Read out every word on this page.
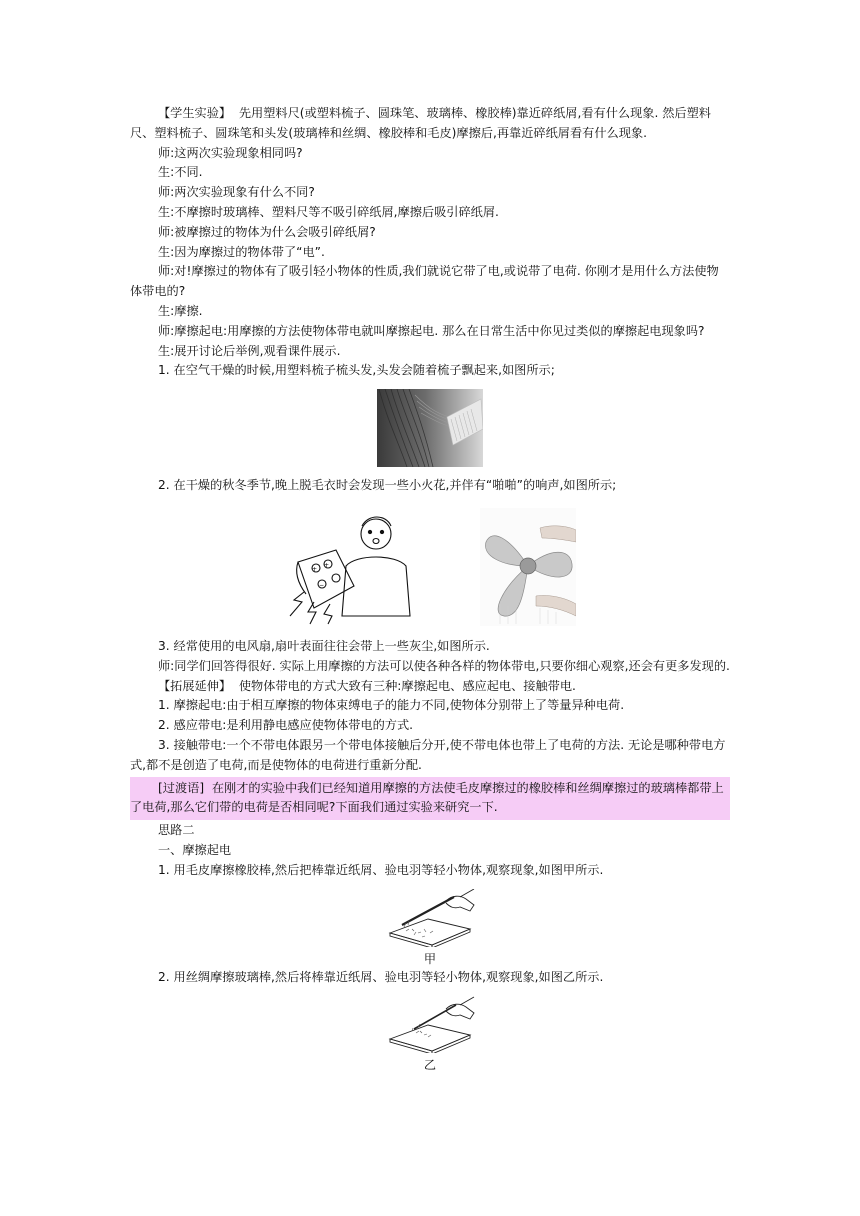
【学生实验】 先用塑料尺(或塑料梳子、圆珠笔、玻璃棒、橡胶棒)靠近碎纸屑,看有什么现象. 然后塑料尺、塑料梳子、圆珠笔和头发(玻璃棒和丝绸、橡胶棒和毛皮)摩擦后,再靠近碎纸屑看有什么现象.

师:这两次实验现象相同吗?

生:不同.

师:两次实验现象有什么不同?

生:不摩擦时玻璃棒、塑料尺等不吸引碎纸屑,摩擦后吸引碎纸屑.

师:被摩擦过的物体为什么会吸引碎纸屑?

生:因为摩擦过的物体带了“电”.

师:对!摩擦过的物体有了吸引轻小物体的性质,我们就说它带了电,或说带了电荷. 你刚才是用什么方法使物体带电的?

生:摩擦.

师:摩擦起电:用摩擦的方法使物体带电就叫摩擦起电. 那么在日常生活中你见过类似的摩擦起电现象吗?

生:展开讨论后举例,观看课件展示.

1. 在空气干燥的时候,用塑料梳子梳头发,头发会随着梳子飘起来,如图所示;

2. 在干燥的秋冬季节,晚上脱毛衣时会发现一些小火花,并伴有“啪啪”的响声,如图所示;

+
+
−

3. 经常使用的电风扇,扇叶表面往往会带上一些灰尘,如图所示.

师:同学们回答得很好. 实际上用摩擦的方法可以使各种各样的物体带电,只要你细心观察,还会有更多发现的.

【拓展延伸】 使物体带电的方式大致有三种:摩擦起电、感应起电、接触带电.

1. 摩擦起电:由于相互摩擦的物体束缚电子的能力不同,使物体分别带上了等量异种电荷.

2. 感应带电:是利用静电感应使物体带电的方式.

3. 接触带电:一个不带电体跟另一个带电体接触后分开,使不带电体也带上了电荷的方法. 无论是哪种带电方式,都不是创造了电荷,而是使物体的电荷进行重新分配.

[过渡语] 在刚才的实验中我们已经知道用摩擦的方法使毛皮摩擦过的橡胶棒和丝绸摩擦过的玻璃棒都带上了电荷,那么它们带的电荷是否相同呢?下面我们通过实验来研究一下.

思路二

一、摩擦起电

1. 用毛皮摩擦橡胶棒,然后把棒靠近纸屑、验电羽等轻小物体,观察现象,如图甲所示.

甲

2. 用丝绸摩擦玻璃棒,然后将棒靠近纸屑、验电羽等轻小物体,观察现象,如图乙所示.

乙
